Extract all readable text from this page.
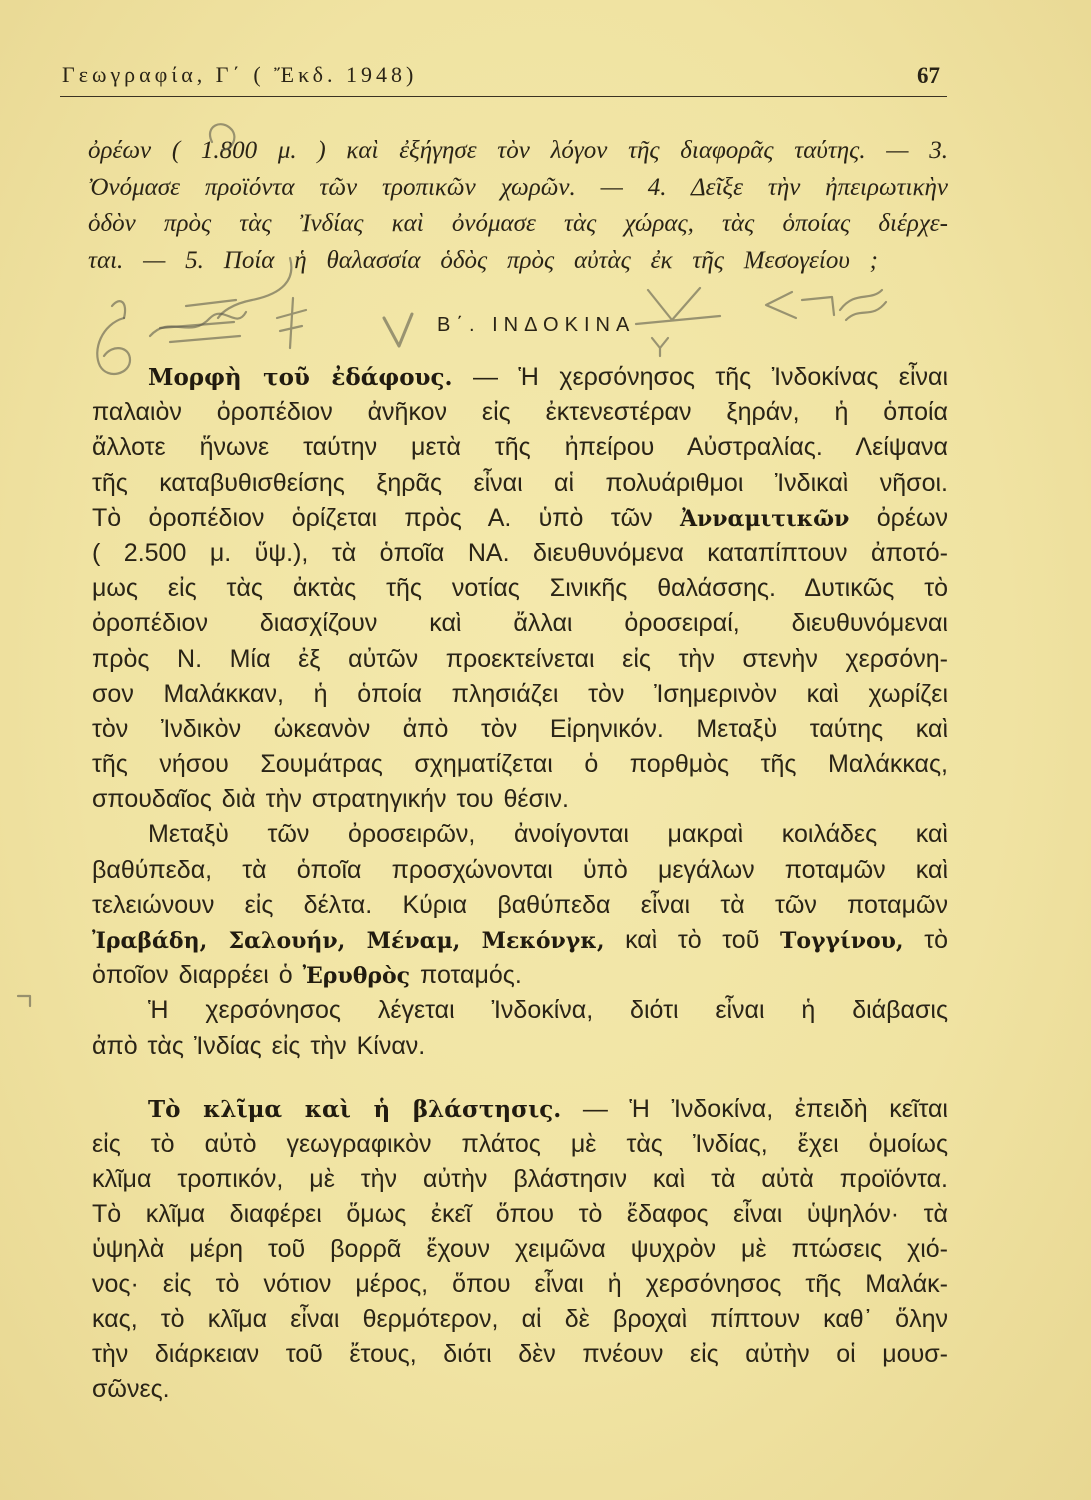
Γεωγραφία, Γ΄ ( Ἔκδ. 1948)	67
ὀρέων ( 1.800 μ. ) καὶ ἐξήγησε τὸν λόγον τῆς διαφορᾶς ταύτης. — 3.
Ὀνόμασε προϊόντα τῶν τροπικῶν χωρῶν. — 4. Δεῖξε τὴν ἠπειρωτικὴν
ὁδὸν πρὸς τὰς Ἰνδίας καὶ ὀνόμασε τὰς χώρας, τὰς ὁποίας διέρχε-
ται. — 5. Ποία ἡ θαλασσία ὁδὸς πρὸς αὐτὰς ἐκ τῆς Μεσογείου ;
Β΄. ΙΝΔΟΚΙΝΑ
Μορφὴ τοῦ ἐδάφους. — Ἡ χερσόνησος τῆς Ἰνδοκίνας εἶναι
παλαιὸν ὀροπέδιον ἀνῆκον εἰς ἐκτενεστέραν ξηράν, ἡ ὁποία
ἄλλοτε ἥνωνε ταύτην μετὰ τῆς ἠπείρου Αὐστραλίας. Λείψανα
τῆς καταβυθισθείσης ξηρᾶς εἶναι αἱ πολυάριθμοι Ἰνδικαὶ νῆσοι.
Τὸ ὀροπέδιον ὁρίζεται πρὸς Α. ὑπὸ τῶν Ἀνναμιτικῶν ὀρέων
( 2.500 μ. ὕψ.), τὰ ὁποῖα ΝΑ. διευθυνόμενα καταπίπτουν ἀποτό-
μως εἰς τὰς ἀκτὰς τῆς νοτίας Σινικῆς θαλάσσης. Δυτικῶς τὸ
ὀροπέδιον διασχίζουν καὶ ἄλλαι ὀροσειραί, διευθυνόμεναι
πρὸς Ν. Μία ἐξ αὐτῶν προεκτείνεται εἰς τὴν στενὴν χερσόνη-
σον Μαλάκκαν, ἡ ὁποία πλησιάζει τὸν Ἰσημερινὸν καὶ χωρίζει
τὸν Ἰνδικὸν ὠκεανὸν ἀπὸ τὸν Εἰρηνικόν. Μεταξὺ ταύτης καὶ
τῆς νήσου Σουμάτρας σχηματίζεται ὁ πορθμὸς τῆς Μαλάκκας,
σπουδαῖος διὰ τὴν στρατηγικήν του θέσιν.
Μεταξὺ τῶν ὀροσειρῶν, ἀνοίγονται μακραὶ κοιλάδες καὶ
βαθύπεδα, τὰ ὁποῖα προσχώνονται ὑπὸ μεγάλων ποταμῶν καὶ
τελειώνουν εἰς δέλτα. Κύρια βαθύπεδα εἶναι τὰ τῶν ποταμῶν
Ἰραβάδη, Σαλουήν, Μέναμ, Μεκόνγκ, καὶ τὸ τοῦ Τογγίνου, τὸ
ὁποῖον διαρρέει ὁ Ἐρυθρὸς ποταμός.
Ἡ χερσόνησος λέγεται Ἰνδοκίνα, διότι εἶναι ἡ διάβασις
ἀπὸ τὰς Ἰνδίας εἰς τὴν Κίναν.
Τὸ κλῖμα καὶ ἡ βλάστησις. — Ἡ Ἰνδοκίνα, ἐπειδὴ κεῖται
εἰς τὸ αὐτὸ γεωγραφικὸν πλάτος μὲ τὰς Ἰνδίας, ἔχει ὁμοίως
κλῖμα τροπικόν, μὲ τὴν αὐτὴν βλάστησιν καὶ τὰ αὐτὰ προϊόντα.
Τὸ κλῖμα διαφέρει ὅμως ἐκεῖ ὅπου τὸ ἔδαφος εἶναι ὑψηλόν· τὰ
ὑψηλὰ μέρη τοῦ βορρᾶ ἔχουν χειμῶνα ψυχρὸν μὲ πτώσεις χιό-
νος· εἰς τὸ νότιον μέρος, ὅπου εἶναι ἡ χερσόνησος τῆς Μαλάκ-
κας, τὸ κλῖμα εἶναι θερμότερον, αἱ δὲ βροχαὶ πίπτουν καθ᾿ ὅλην
τὴν διάρκειαν τοῦ ἔτους, διότι δὲν πνέουν εἰς αὐτὴν οἱ μουσ-
σῶνες.
